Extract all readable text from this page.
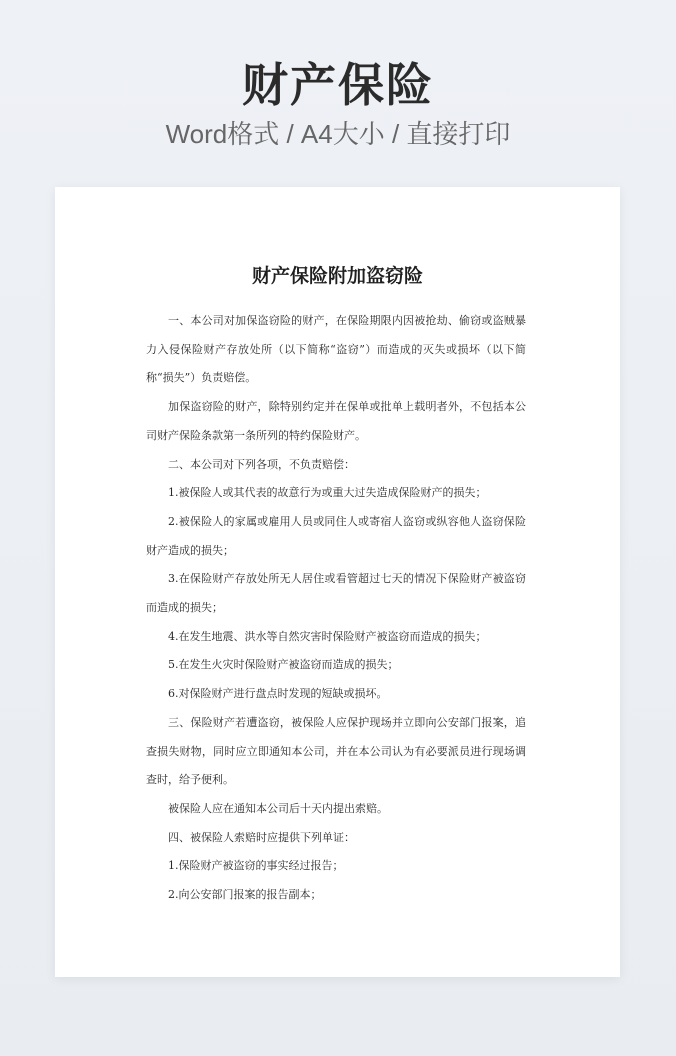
财产保险
Word格式 / A4大小 / 直接打印
财产保险附加盗窃险

一、本公司对加保盗窃险的财产，在保险期限内因被抢劫、偷窃或盗贼暴力入侵保险财产存放处所（以下简称“盗窃”）而造成的灭失或损坏（以下简称“损失”）负责赔偿。

加保盗窃险的财产，除特别约定并在保单或批单上载明者外，不包括本公司财产保险条款第一条所列的特约保险财产。

二、本公司对下列各项，不负责赔偿：

1.被保险人或其代表的故意行为或重大过失造成保险财产的损失；

2.被保险人的家属或雇用人员或同住人或寄宿人盗窃或纵容他人盗窃保险财产造成的损失；

3.在保险财产存放处所无人居住或看管超过七天的情况下保险财产被盗窃而造成的损失；

4.在发生地震、洪水等自然灾害时保险财产被盗窃而造成的损失；

5.在发生火灾时保险财产被盗窃而造成的损失；

6.对保险财产进行盘点时发现的短缺或损坏。

三、保险财产若遭盗窃，被保险人应保护现场并立即向公安部门报案，追查损失财物，同时应立即通知本公司，并在本公司认为有必要派员进行现场调查时，给予便利。

被保险人应在通知本公司后十天内提出索赔。

四、被保险人索赔时应提供下列单证：

1.保险财产被盗窃的事实经过报告；

2.向公安部门报案的报告副本；
